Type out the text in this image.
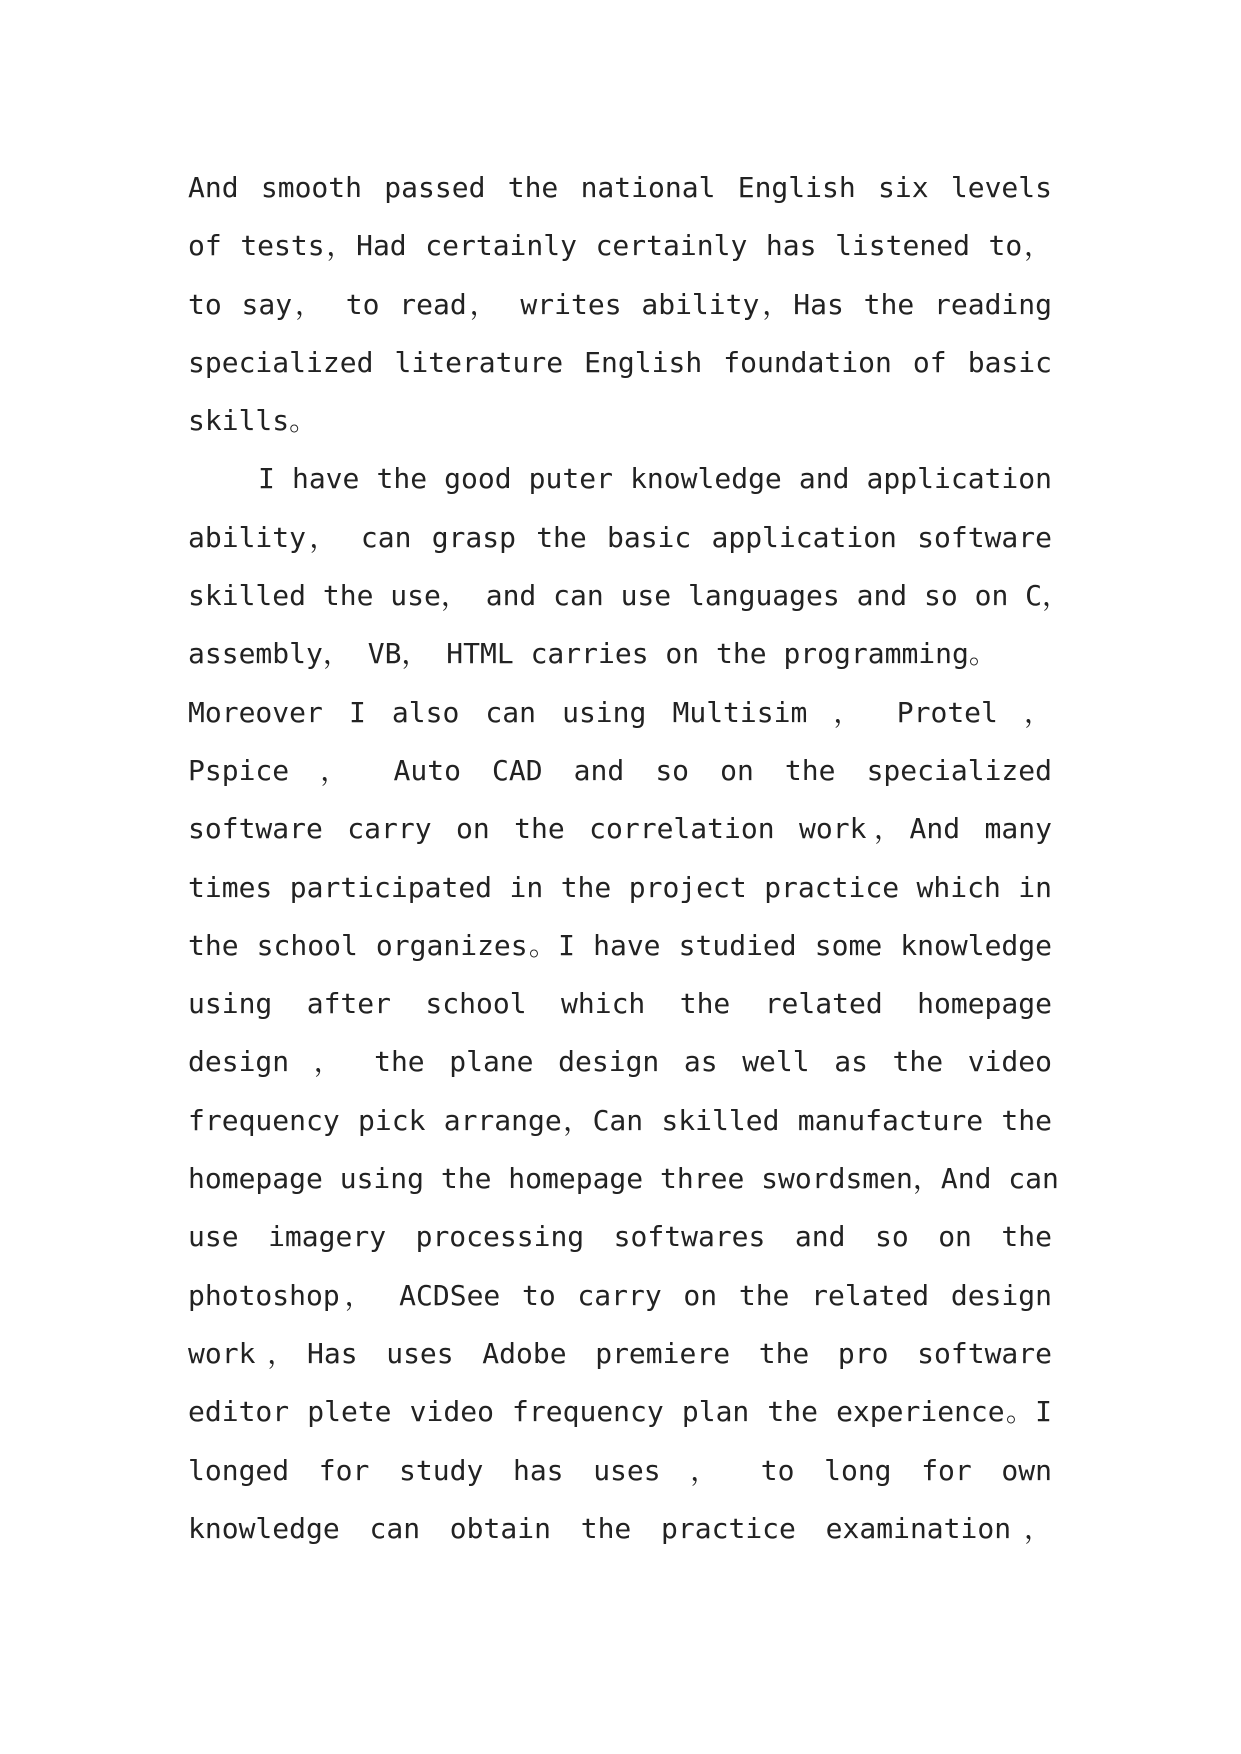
And smooth passed the national English six levels
of tests，Had certainly certainly has listened to，
to say， to read， writes ability，Has the reading
specialized literature English foundation of basic
skills。
I have the good puter knowledge and application
ability， can grasp the basic application software
skilled the use， and can use languages and so on C，
assembly， VB， HTML carries on the programming。
Moreover I also can using Multisim ， Protel ，
Pspice ， Auto CAD and so on the specialized
software carry on the correlation work，And many
times participated in the project practice which in
the school organizes。I have studied some knowledge
using after school which the related homepage
design ， the plane design as well as the video
frequency pick arrange，Can skilled manufacture the
homepage using the homepage three swordsmen，And can
use imagery processing softwares and so on the
photoshop， ACDSee to carry on the related design
work，Has uses Adobe premiere the pro software
editor plete video frequency plan the experience。I
longed for study has uses ， to long for own
knowledge can obtain the practice examination，
